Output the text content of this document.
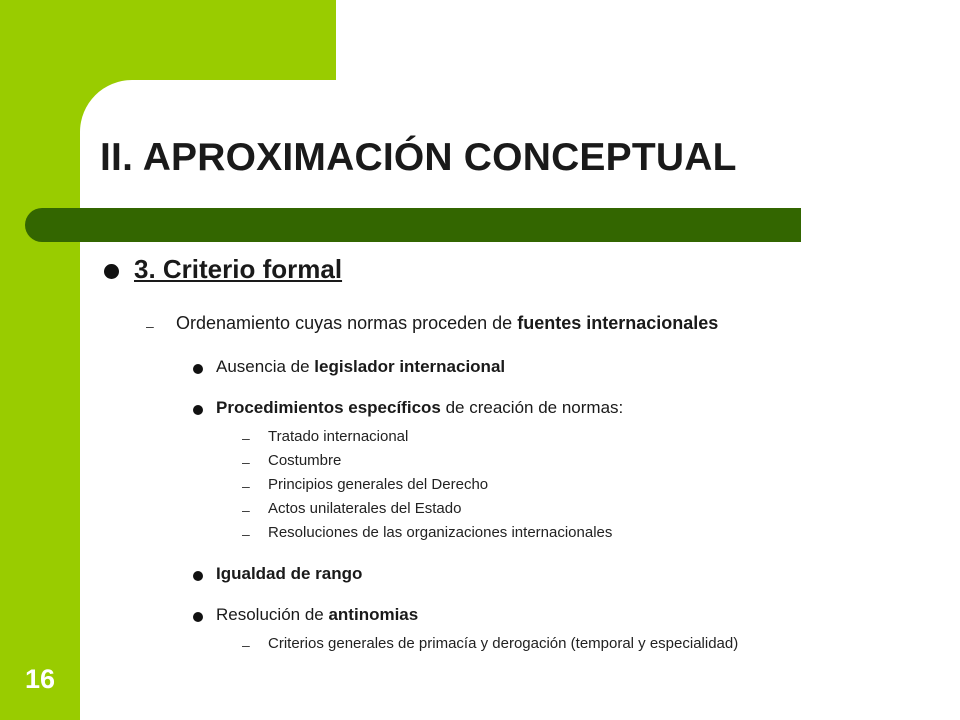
II. APROXIMACIÓN CONCEPTUAL
3. Criterio formal
– Ordenamiento cuyas normas proceden de fuentes internacionales
Ausencia de legislador internacional
Procedimientos específicos de creación de normas:
– Tratado internacional
– Costumbre
– Principios generales del Derecho
– Actos unilaterales del Estado
– Resoluciones de las organizaciones internacionales
Igualdad de rango
Resolución de antinomias
– Criterios generales de primacía y derogación (temporal y especialidad)
16
